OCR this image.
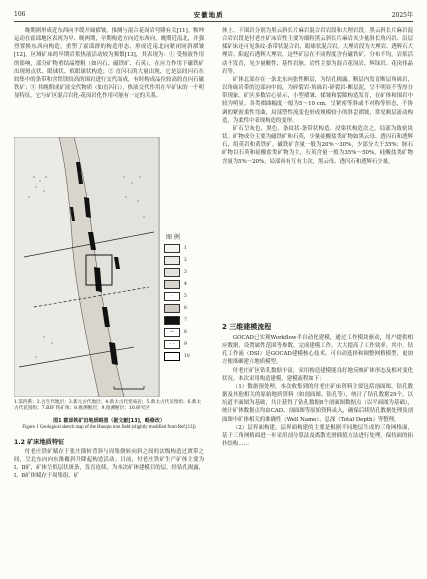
106	安徽地质	2025年

晚期则形成近东西向平缓开阔褶皱，推测与混合花岗岩穹隆有关[11]。鞍坤运动在霍邱地区表现为早、晚两期，早期构造方向近东西向，晚期近南北，并强烈置换东西向构造，重塑了霍邱群的构造形态，形成近南北向紧闭同斜褶皱[12]。区域矿床的早期岩浆热液活动较为频繁[13]，其表现为：① 受热液作用的影响，部分矿物重结晶增粗（如闪石、磁铁矿、石英），在应力作用下磁铁矿出现斑点状、眼球状、似眼球状构造；② 直闪石的大量出现，它是层间闪石在较集中的条带和含铁镁较高的围岩进行交代而成，有时构成品位较高的直闪石磁铁矿；③ 其晚期成矿液交代物质（如直闪石），热液交代作用在早矿床的一个明显特征，它与矿区混合岩化-花岗岩化作用可能有一定的关系。

图 例
1
2
3
4
·	5
6
7
—	8
- -	9
10
1.第四系；2.古生代地层；3.新元古代地层；4.新太古代变质岩；5.新太古代吴集组；6.新太古代花园组；7.BIF 铁矿体；8.推测断层；9.推测断层；10.研究区
图1 霍邱铁矿田地质略图（据文献[13]，略修改）
Figure 1 Geological sketch map of the Huoqiu iron field (slightly modified from Ref.[13])
1.2 矿床地质特征

付老庄铁矿赋存于张庄倒转背斜与周集倒转向斜之间的次级构造过渡带之间，呈北东向向东推覆斜升降起构造活动。目前，付老庄铁矿生产矿体主要为Ⅰ、Ⅱ矿，矿体呈似层状斑条，发育连续，为本次矿体建模目的层。经钻孔揭露，Ⅰ、Ⅱ矿体赋存于周集组、矿

体上、下围岩分别为黑云斜长片麻岩混合岩岩段和大理岩段。黑云斜长片麻岩混合岩岩段是付老庄矿床岩性主要为细粒黑云斜长片麻岩夹少量斜长角闪岩、沿层揉矿床还可见条纹-条带状混合岩、眼球状混合岩。大理岩段为大理岩、透辉石大理岩、阳起石透辉大理岩，这些矿层在不同程度含有磁铁矿，分布不均。岩浆活动不发育，见少量酸性、基性岩脉。岩性主要为混合花岗岩、辉绿岩、花岗伟晶岩等。

矿体北部存在一条北东向张性断层，为钻孔揭露。断层内发育断层角砾岩，以角砾岩带的边部向中间，为碎裂岩-角砾岩-碎裂岩-断层泥，呈不明显不等厚分带现象。矿区多数岩心显示，小型褶皱、揉皱和裂隙构造发育，在矿体和围岩中较为明显。各类褶曲幅度一般为5～10 cm，呈紧密等斜或不对称等形态，不协调的紧密柔性弯曲，局部塑性流变也形成规模较小的斜歪褶皱，常见顺层流动构造，为柔性中表现构造的变形。

矿石呈灰色、黑色，条纹状-条带状构造、浸染状构造次之，局部为致密块状。矿物成分主要为磁铁矿和石英，少量硅酸盐类矿物如黑云母、透闪石和透辉石、绢英岩和黄铁矿。磁铁矿含量一般为20%～30%，少部分大于35%；脉石矿物以石英和硅酸盐类矿物为主，石英含量一般为35%～50%，硅酸盐类矿物含量为5%～20%，局部再有互有主次，黑云母、透闪石和透辉石少量。

2 三维建模流程

GOCAD已实现Workflow半自动化建模，通过工作模块驱动，用户提供相应数据，设置属性范围等参数，完成建模工作，大大提高了工作效率。其中，钻孔工作流（DSI）是GOCAD建模核心技术，可自动选择和调整网格模型，更加方便准确建立地质模型。

付老庄矿区钻孔数据丰富，采用构造建模能良好地反映矿体形态及相对变化状况。本次采用构造建模，建模流程如下：

（1）数据预处理。本次收集到的付老庄矿床资料主要包括剖面图、钻孔数据及其他相关的原始地质资料（如剖面图、钻孔等），统计了钻孔数据29个，以坑道平面图为基础，共计获得了钻孔数据8个剖面图数据点（以平面图为基础），统计矿体数据点均由CAD、剖面图等原始资料录入，确保后续钻孔数据处理及剖面图中矿体相关的准确性（Well Name）、总深（Total Depth）等整理。

（2）层界面构建。层界面构建的主要是根据不同地层生成的三角网格面，基于三角网格面进一步采用剖分算法及离散光滑插值方法进行处理，保持面的拓扑结构……
